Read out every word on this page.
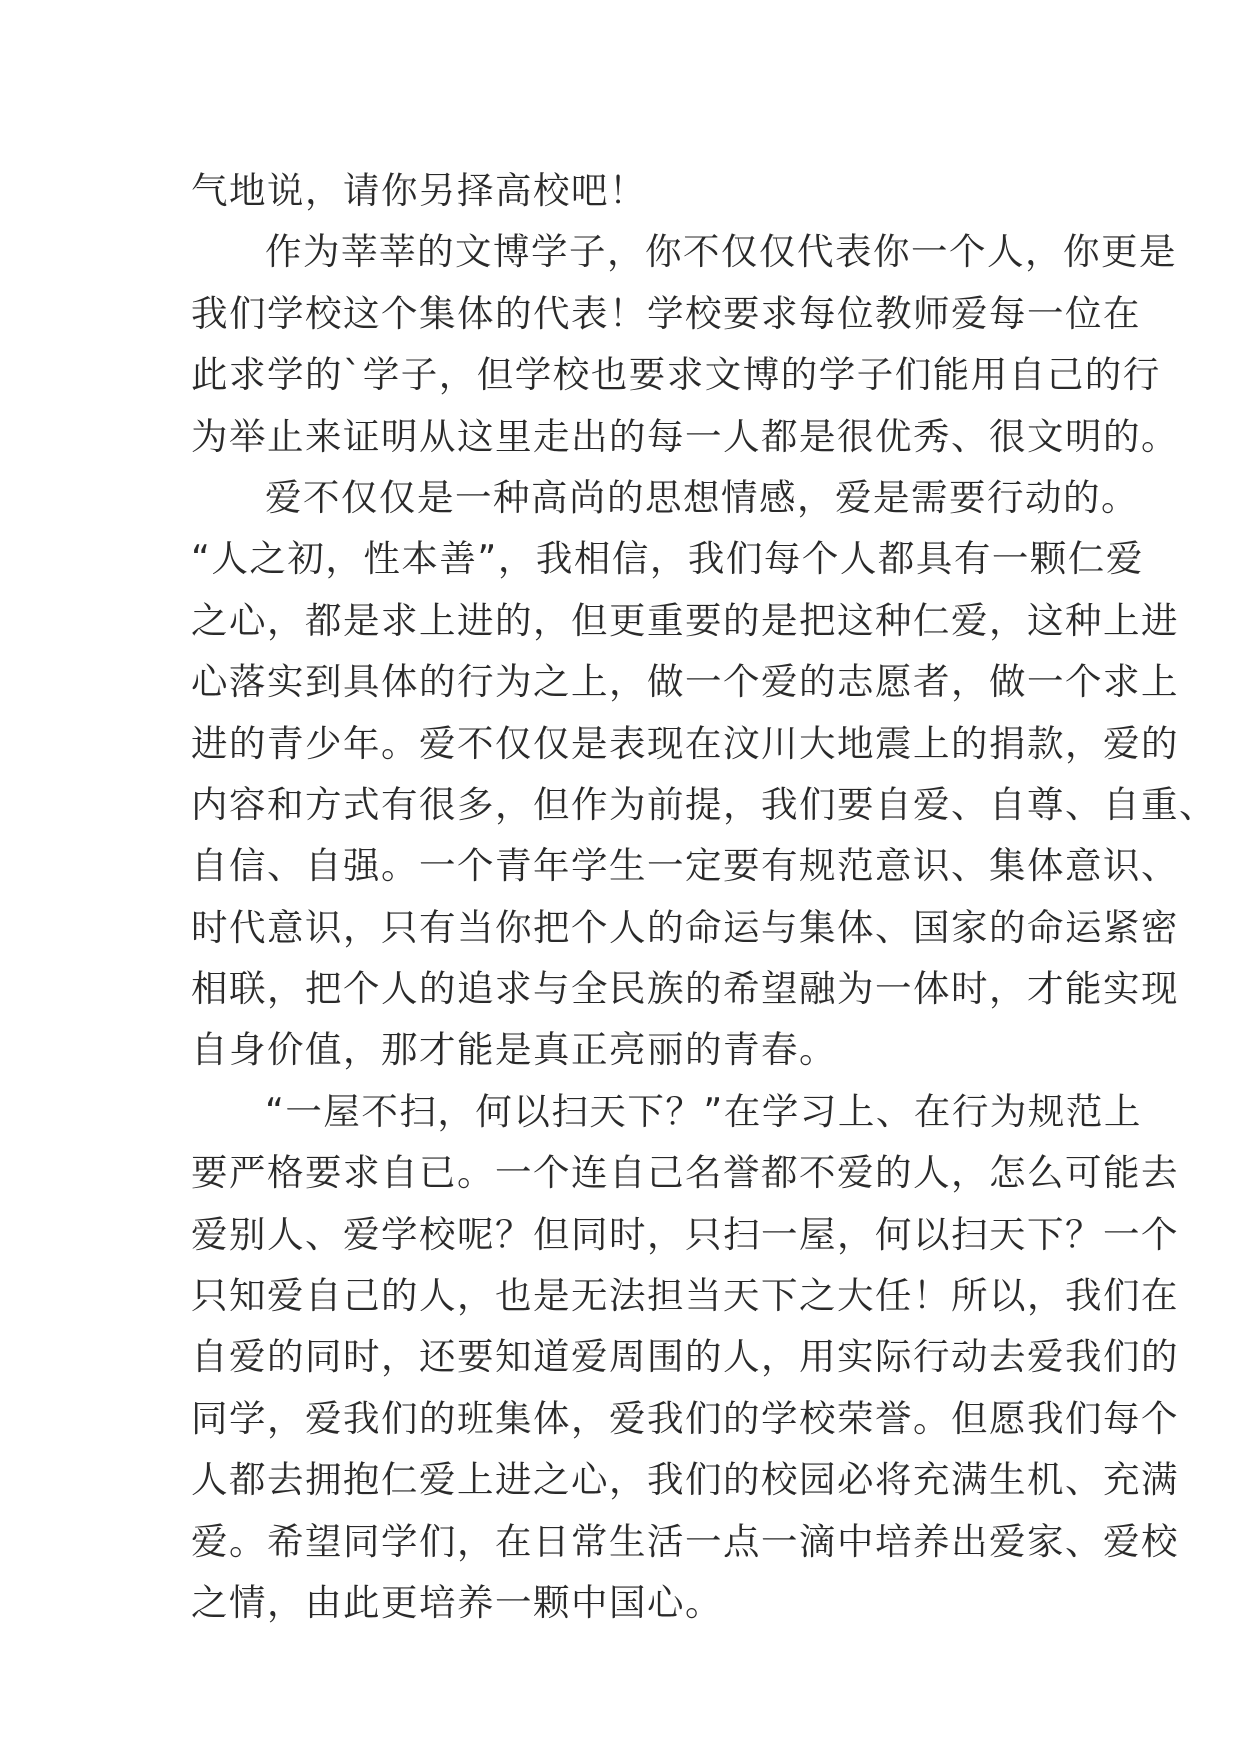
气地说，请你另择高校吧！
作为莘莘的文博学子，你不仅仅代表你一个人，你更是
我们学校这个集体的代表！学校要求每位教师爱每一位在
此求学的`学子，但学校也要求文博的学子们能用自己的行
为举止来证明从这里走出的每一人都是很优秀、很文明的。
爱不仅仅是一种高尚的思想情感，爱是需要行动的。
“人之初，性本善”，我相信，我们每个人都具有一颗仁爱
之心，都是求上进的，但更重要的是把这种仁爱，这种上进
心落实到具体的行为之上，做一个爱的志愿者，做一个求上
进的青少年。爱不仅仅是表现在汶川大地震上的捐款，爱的
内容和方式有很多，但作为前提，我们要自爱、自尊、自重、
自信、自强。一个青年学生一定要有规范意识、集体意识、
时代意识，只有当你把个人的命运与集体、国家的命运紧密
相联，把个人的追求与全民族的希望融为一体时，才能实现
自身价值，那才能是真正亮丽的青春。
“一屋不扫，何以扫天下？”在学习上、在行为规范上
要严格要求自已。一个连自己名誉都不爱的人，怎么可能去
爱别人、爱学校呢？但同时，只扫一屋，何以扫天下？一个
只知爱自己的人，也是无法担当天下之大任！所以，我们在
自爱的同时，还要知道爱周围的人，用实际行动去爱我们的
同学，爱我们的班集体，爱我们的学校荣誉。但愿我们每个
人都去拥抱仁爱上进之心，我们的校园必将充满生机、充满
爱。希望同学们，在日常生活一点一滴中培养出爱家、爱校
之情，由此更培养一颗中国心。
